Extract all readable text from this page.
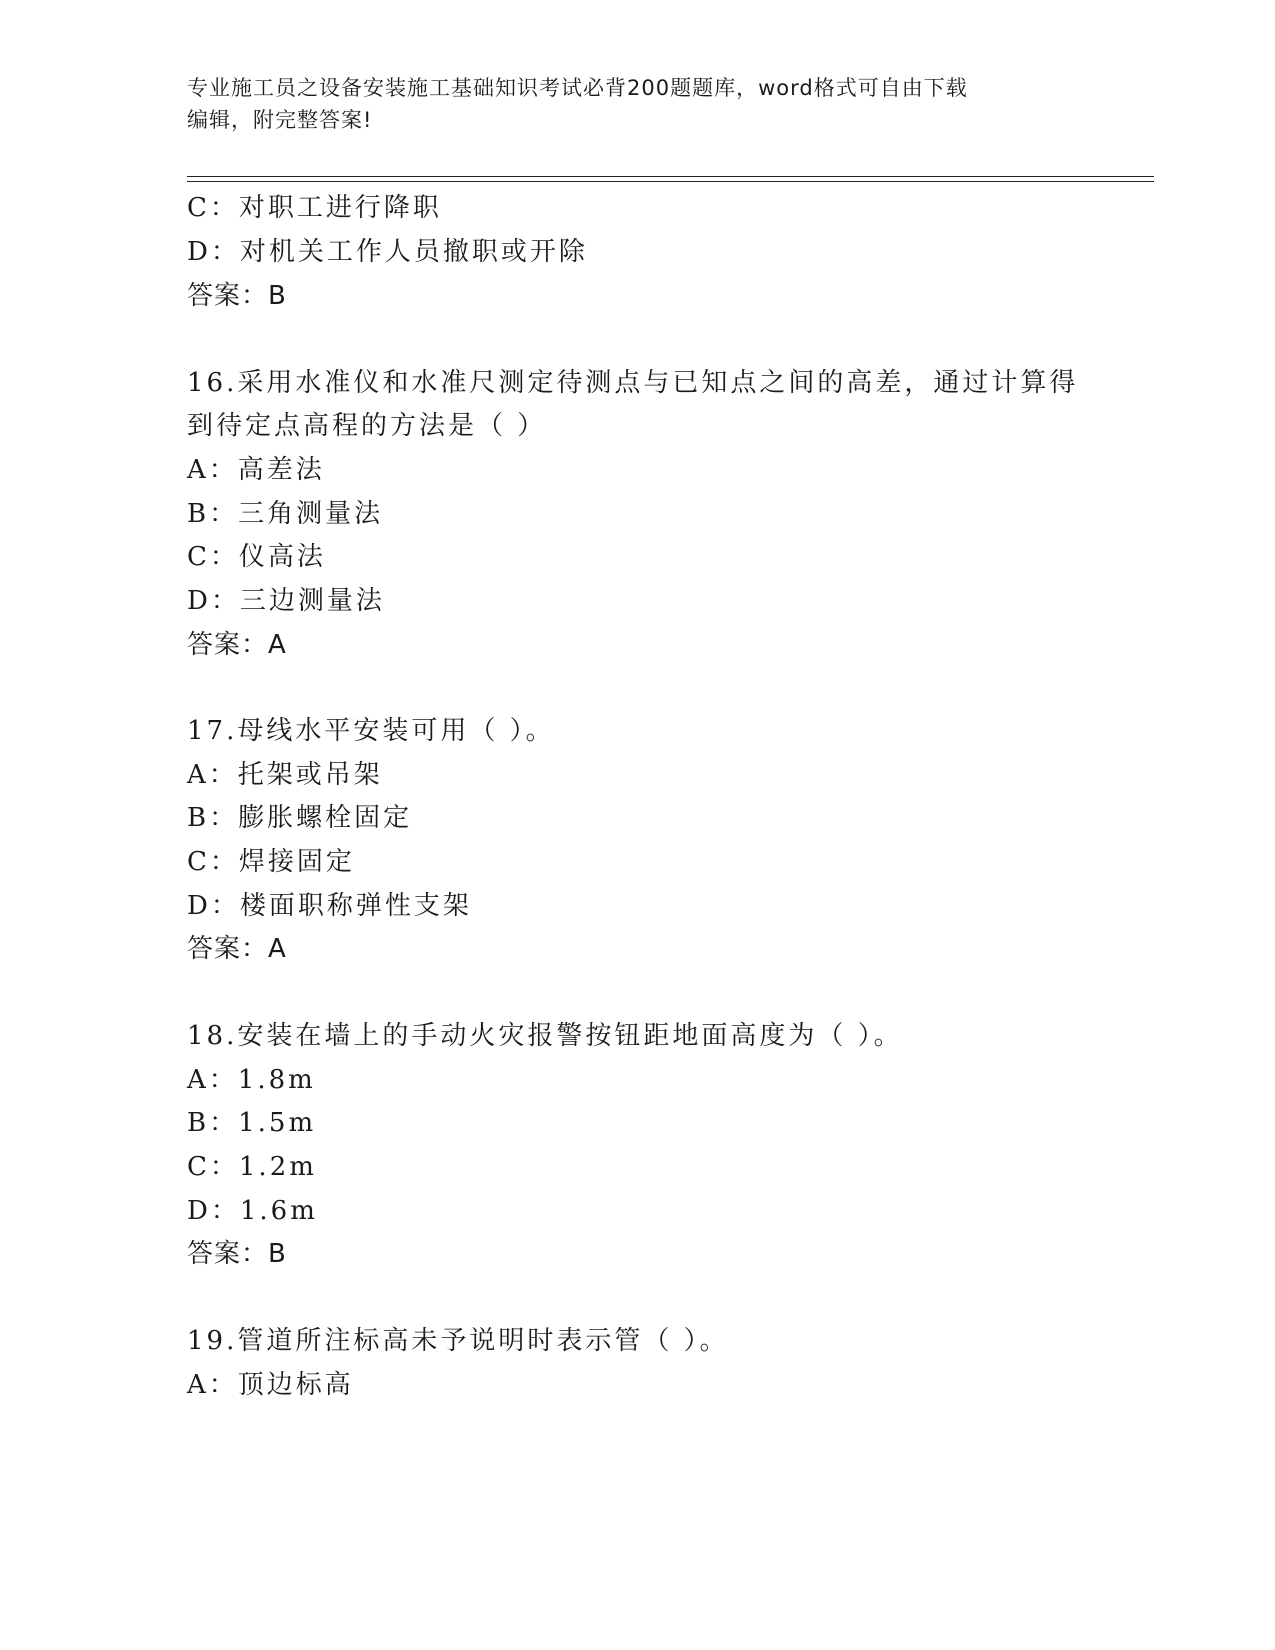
专业施工员之设备安装施工基础知识考试必背200题题库，word格式可自由下载
编辑，附完整答案!
C：对职工进行降职
D：对机关工作人员撤职或开除
答案：B
16.采用水准仪和水准尺测定待测点与已知点之间的高差，通过计算得
到待定点高程的方法是（ ）
A：高差法
B：三角测量法
C：仪高法
D：三边测量法
答案：A
17.母线水平安装可用（ ）。
A：托架或吊架
B：膨胀螺栓固定
C：焊接固定
D：楼面职称弹性支架
答案：A
18.安装在墙上的手动火灾报警按钮距地面高度为（ ）。
A：1.8m
B：1.5m
C：1.2m
D：1.6m
答案：B
19.管道所注标高未予说明时表示管（ ）。
A：顶边标高
